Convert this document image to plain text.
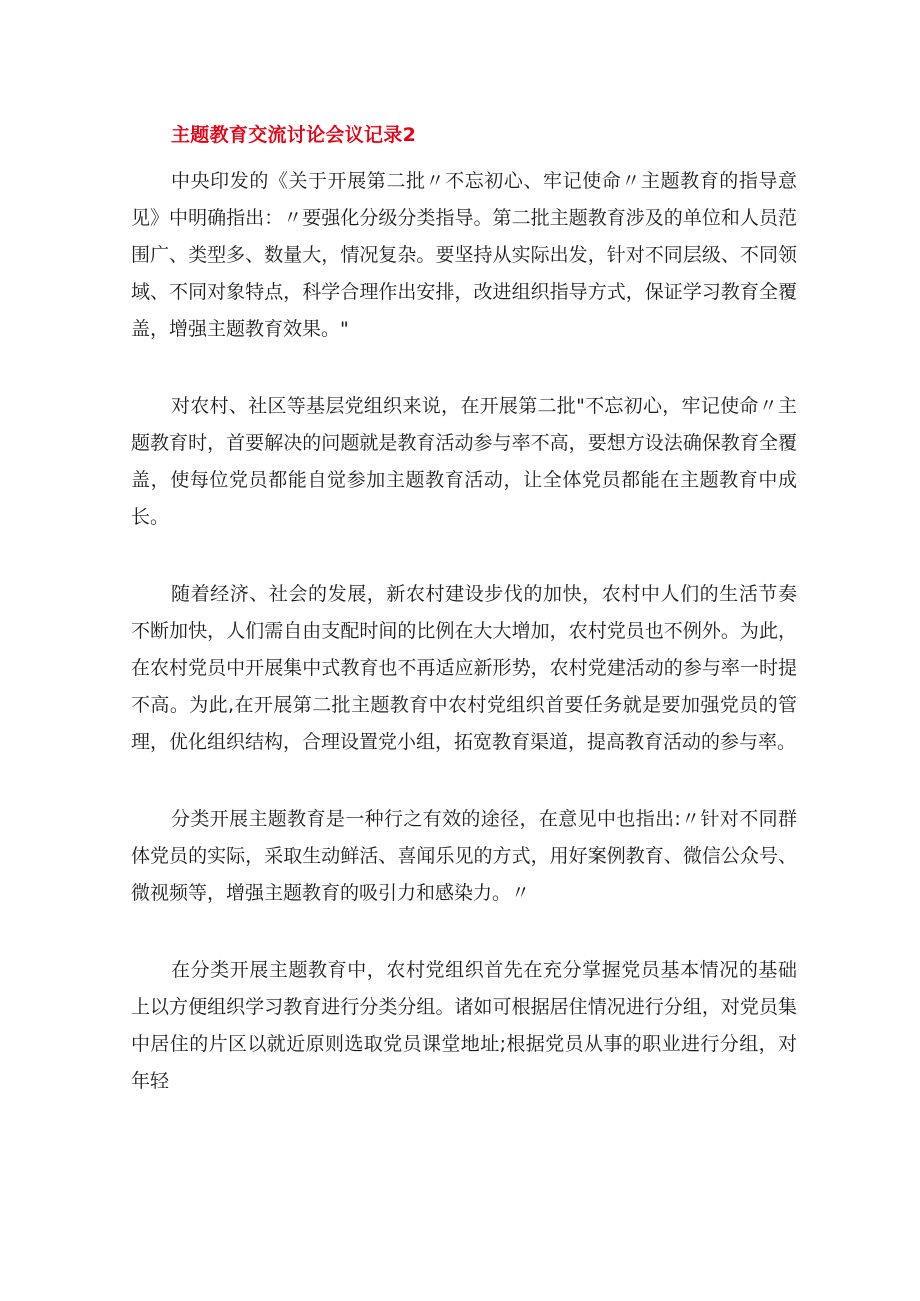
主题教育交流讨论会议记录2

中央印发的《关于开展第二批〃不忘初心、牢记使命〃主题教育的指导意见》中明确指出：〃要强化分级分类指导。第二批主题教育涉及的单位和人员范围广、类型多、数量大，情况复杂。要坚持从实际出发，针对不同层级、不同领域、不同对象特点，科学合理作出安排，改进组织指导方式，保证学习教育全覆盖，增强主题教育效果。"

对农村、社区等基层党组织来说，在开展第二批"不忘初心，牢记使命〃主题教育时，首要解决的问题就是教育活动参与率不高，要想方设法确保教育全覆盖，使每位党员都能自觉参加主题教育活动，让全体党员都能在主题教育中成长。

随着经济、社会的发展，新农村建设步伐的加快，农村中人们的生活节奏不断加快，人们需自由支配时间的比例在大大增加，农村党员也不例外。为此，在农村党员中开展集中式教育也不再适应新形势，农村党建活动的参与率一时提不高。为此,在开展第二批主题教育中农村党组织首要任务就是要加强党员的管理，优化组织结构，合理设置党小组，拓宽教育渠道，提高教育活动的参与率。

分类开展主题教育是一种行之有效的途径，在意见中也指出:〃针对不同群体党员的实际，采取生动鲜活、喜闻乐见的方式，用好案例教育、微信公众号、微视频等，增强主题教育的吸引力和感染力。〃

在分类开展主题教育中，农村党组织首先在充分掌握党员基本情况的基础上以方便组织学习教育进行分类分组。诸如可根据居住情况进行分组，对党员集中居住的片区以就近原则选取党员课堂地址;根据党员从事的职业进行分组，对年轻
